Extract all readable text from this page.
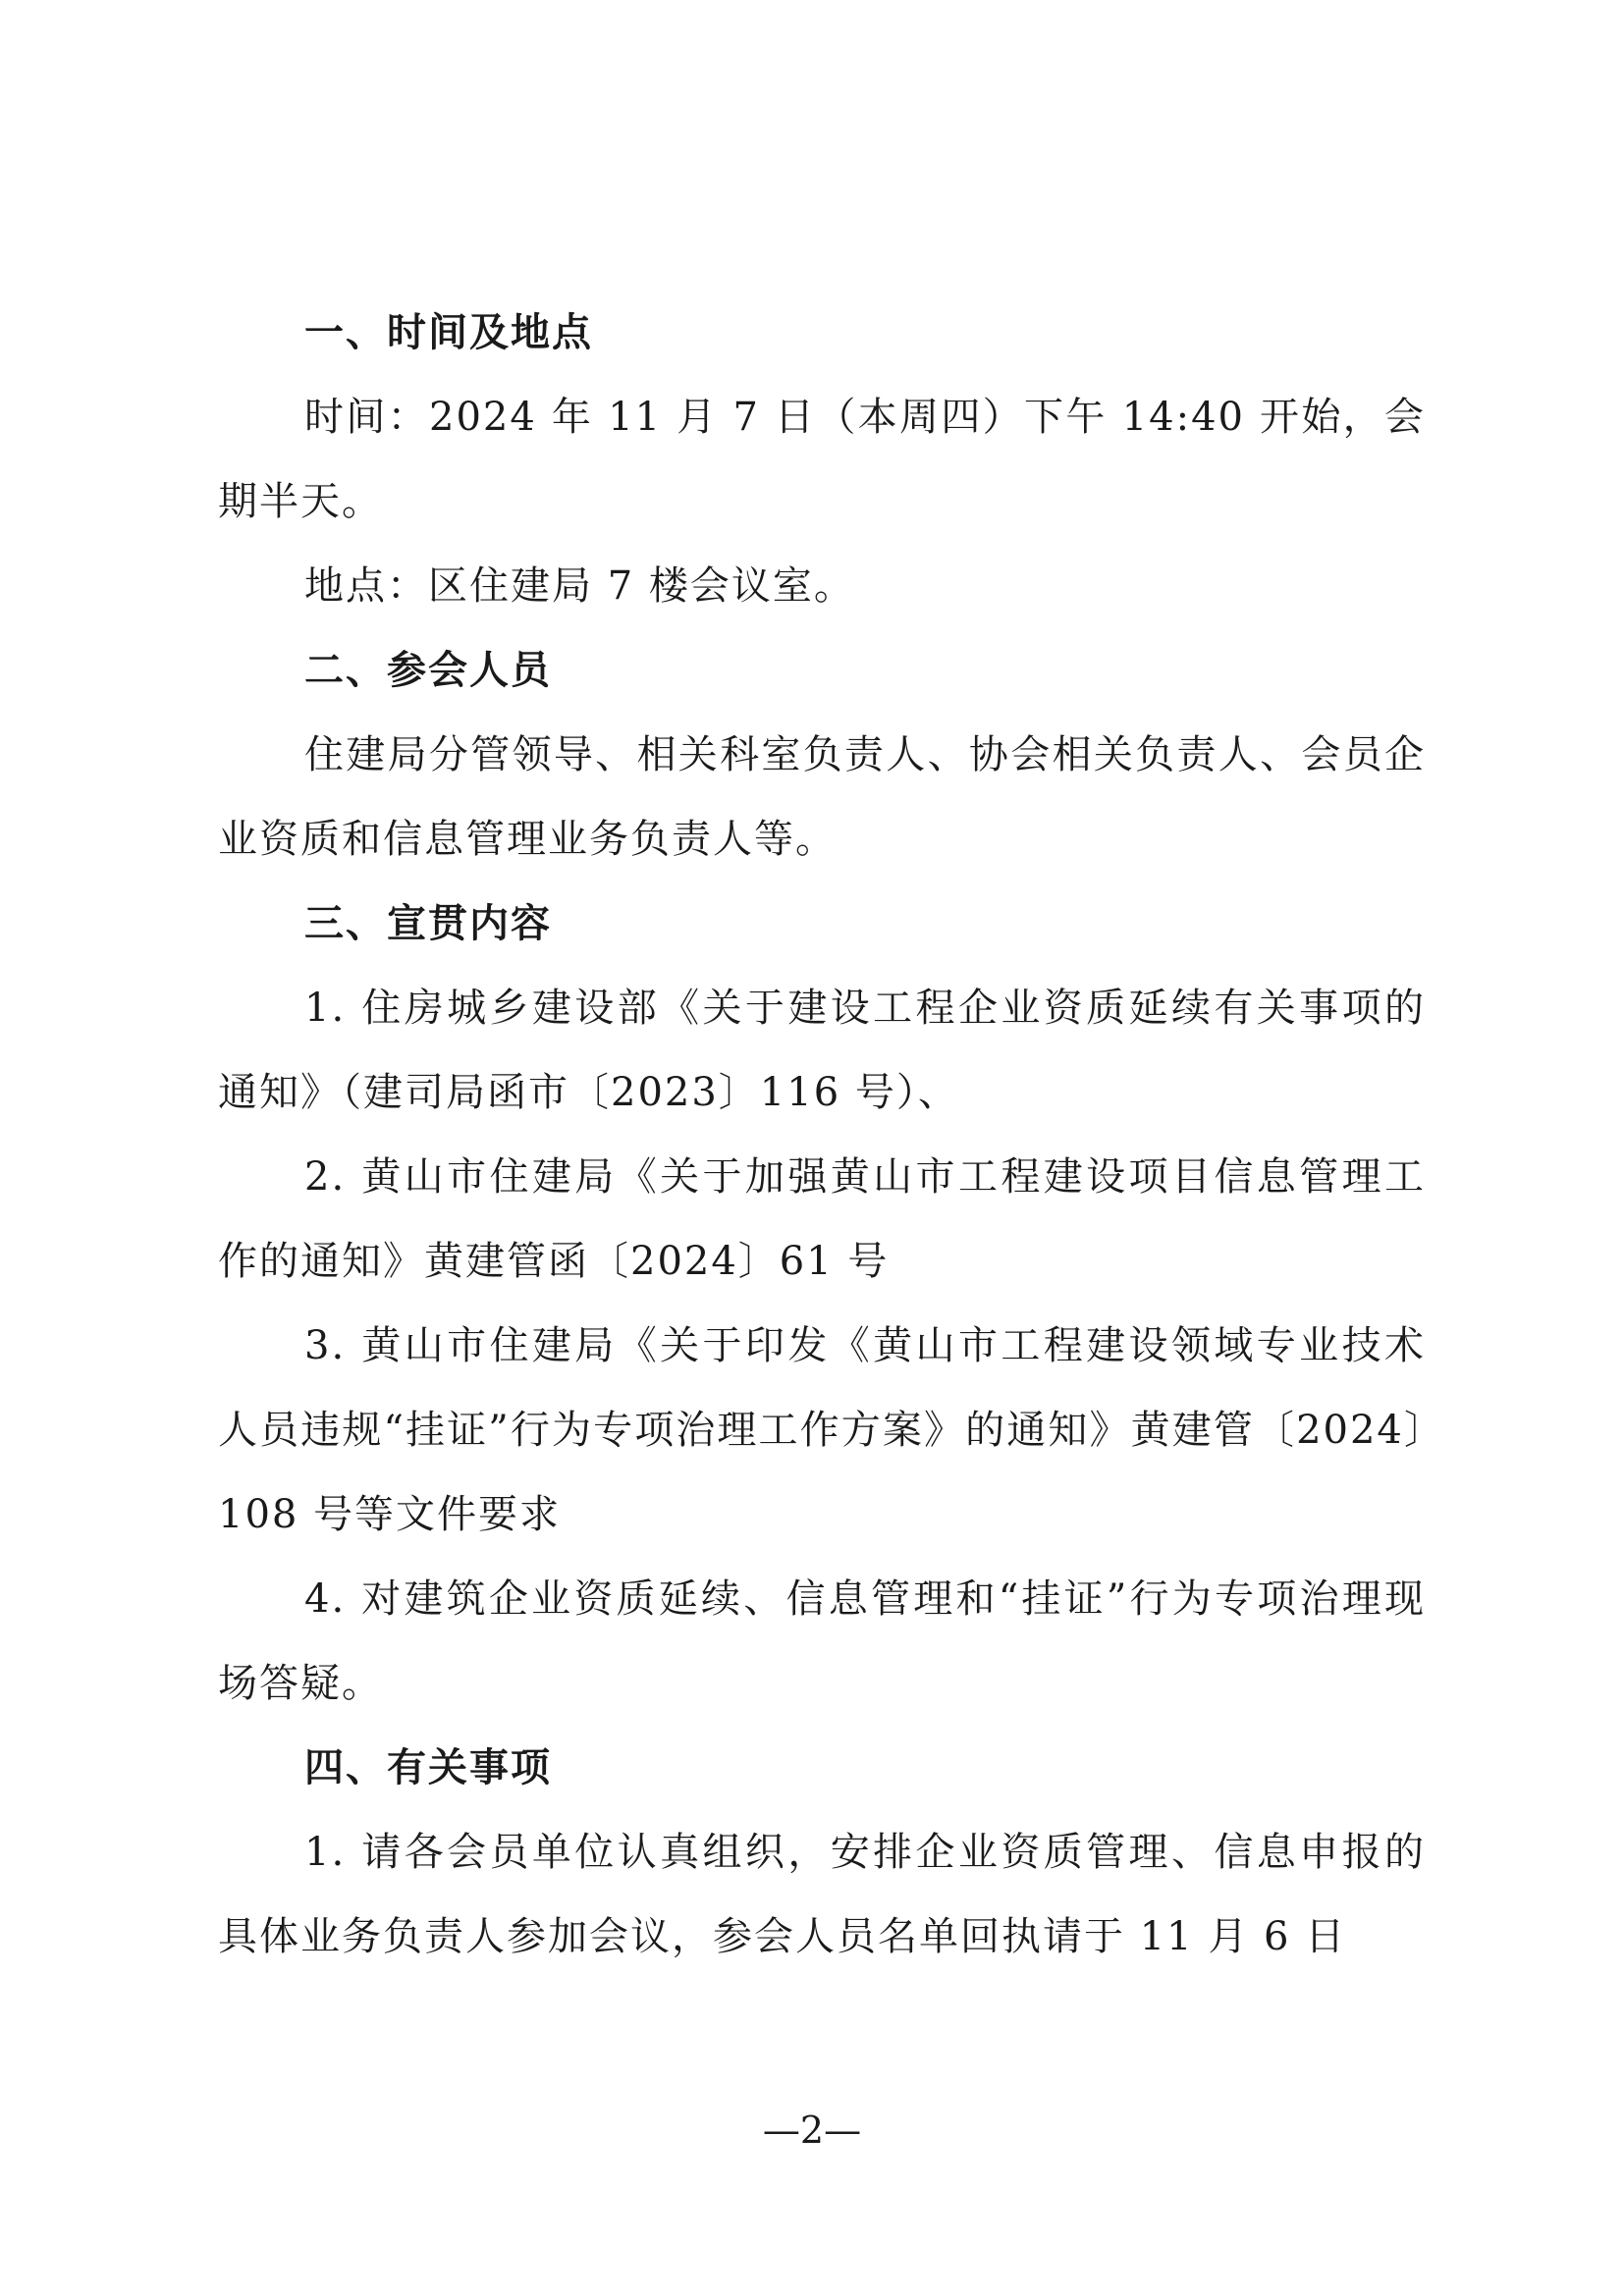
一、时间及地点
时间：2024 年 11 月 7 日（本周四）下午 14:40 开始，会期半天。
地点：区住建局 7 楼会议室。
二、参会人员
住建局分管领导、相关科室负责人、协会相关负责人、会员企业资质和信息管理业务负责人等。
三、宣贯内容
1. 住房城乡建设部《关于建设工程企业资质延续有关事项的通知》（建司局函市〔2023〕116 号）、
2. 黄山市住建局《关于加强黄山市工程建设项目信息管理工作的通知》黄建管函〔2024〕61 号
3. 黄山市住建局《关于印发《黄山市工程建设领域专业技术人员违规“挂证”行为专项治理工作方案》的通知》黄建管〔2024〕108 号等文件要求
4. 对建筑企业资质延续、信息管理和“挂证”行为专项治理现场答疑。
四、有关事项
1. 请各会员单位认真组织，安排企业资质管理、信息申报的具体业务负责人参加会议，参会人员名单回执请于 11 月 6 日
—2—
